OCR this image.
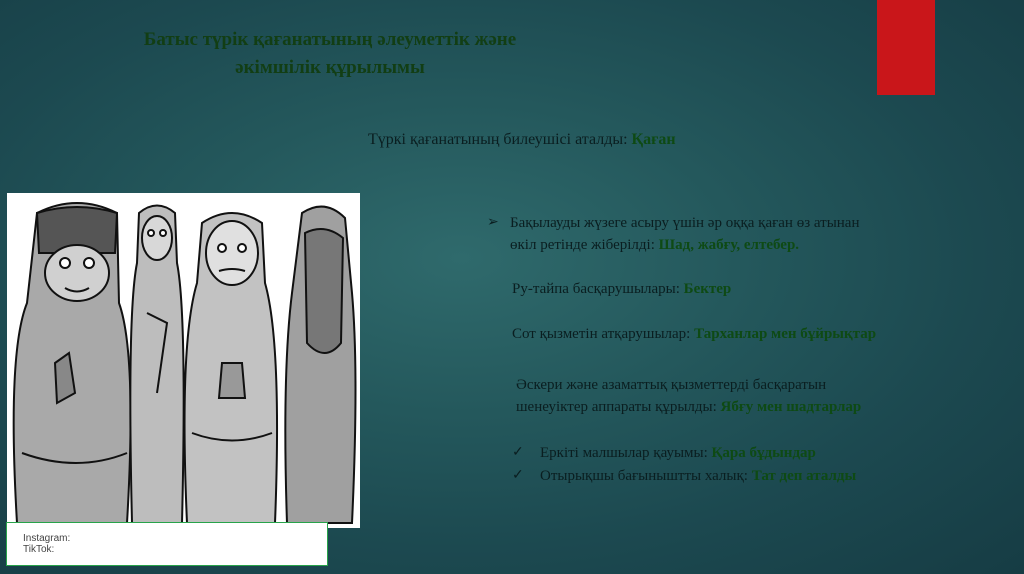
Батыс түрік қағанатының әлеуметтік және
әкімшілік құрылымы
Түркі қағанатының билеушісі аталды: Қаған
➢ Бақылауды жүзеге асыру үшін әр оққа қаған өз атынан
өкіл ретінде жіберілді: Шад, жабғу, елтебер.
Ру-тайпа басқарушылары: Бектер
Сот қызметін атқарушылар: Тарханлар мен бұйрықтар
Әскери және азаматтық қызметтерді басқаратын
шенеуіктер аппараты құрылды: Ябғу мен шадтарлар
✓ Еркіті малшылар қауымы: Қара бұдындар
✓ Отырықшы бағыныштты халық: Тат деп аталды
Instagram:
TikTok:
